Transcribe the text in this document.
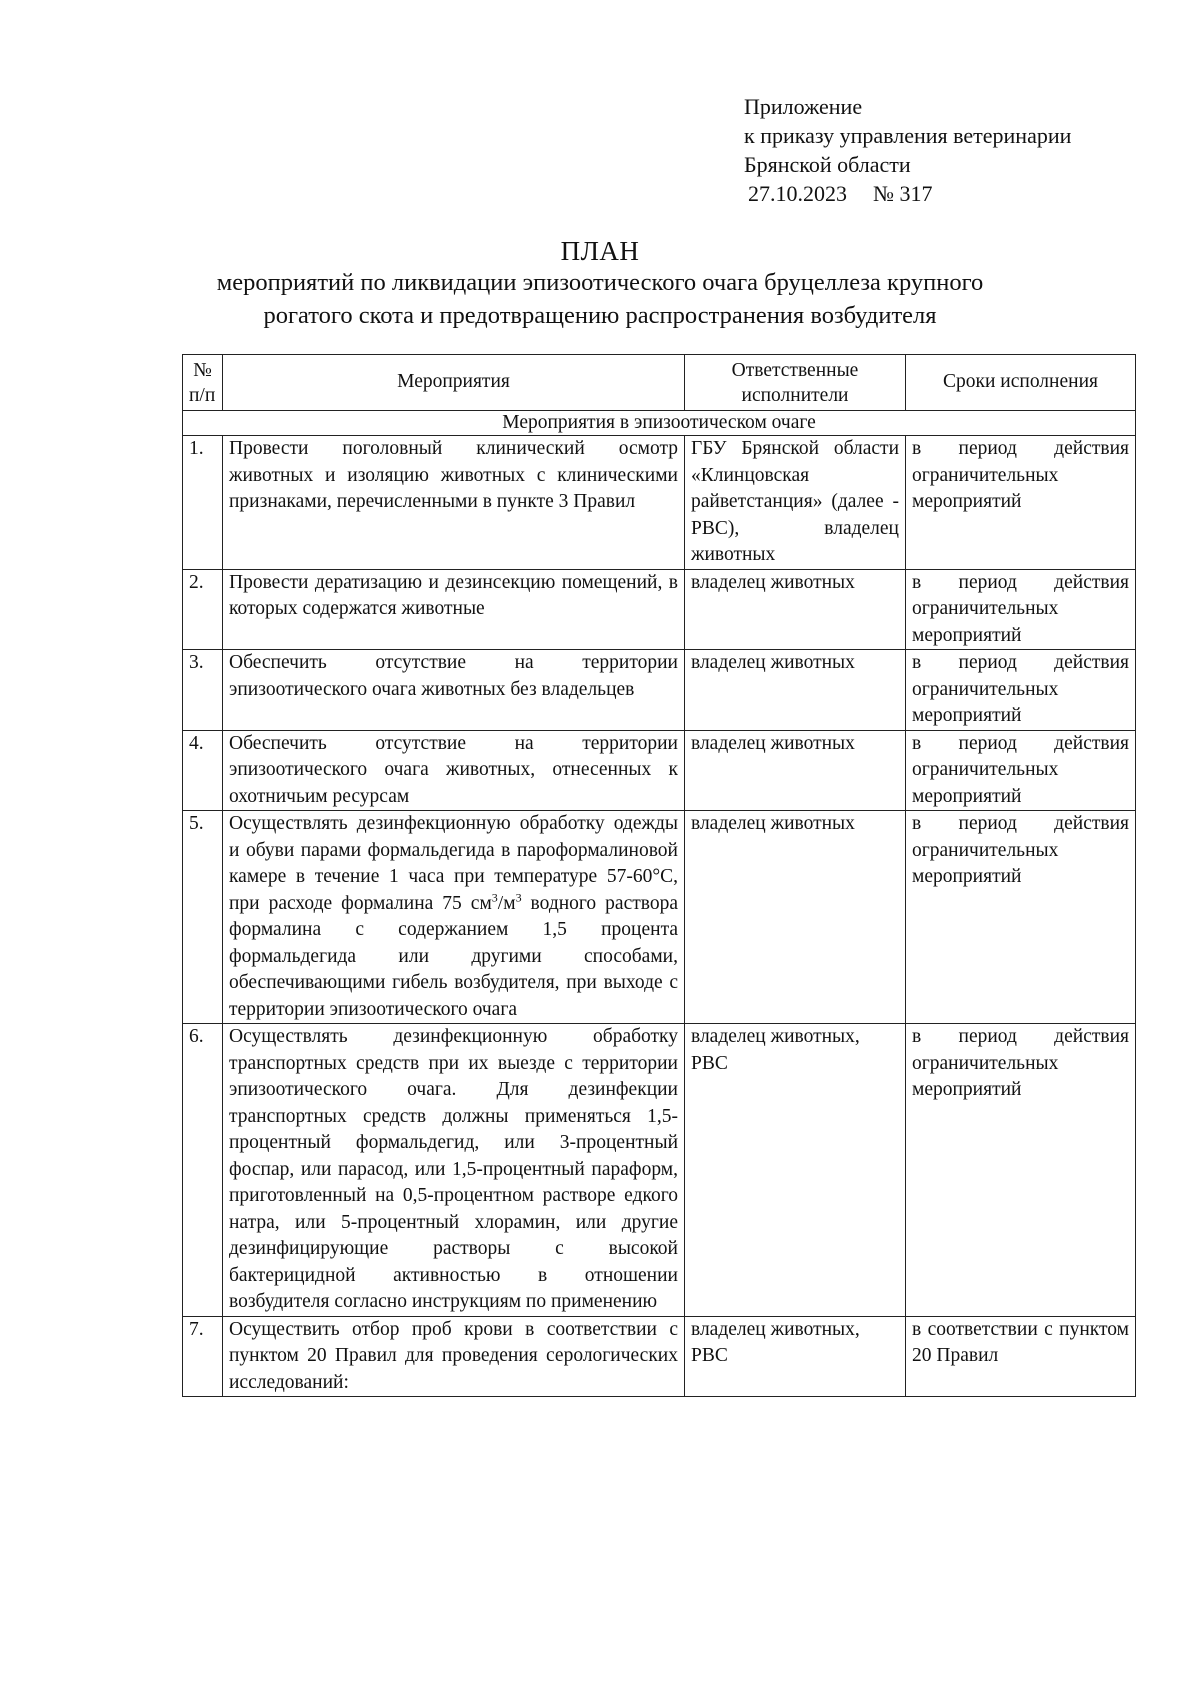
Приложение
к приказу управления ветеринарии
Брянской области
27.10.2023 № 317
ПЛАН
мероприятий по ликвидации эпизоотического очага бруцеллеза крупного
рогатого скота и предотвращению распространения возбудителя
№
п/п	Мероприятия	Ответственные исполнители	Сроки исполнения
Мероприятия в эпизоотическом очаге			
1.	Провести поголовный клинический осмотр животных и изоляцию животных с клиническими признаками, перечисленными в пункте 3 Правил	ГБУ Брянской области «Клинцовская райветстанция» (далее - РВС), владелец животных	в период действия ограничительных мероприятий
2.	Провести дератизацию и дезинсекцию помещений, в которых содержатся животные	владелец животных	в период действия ограничительных мероприятий
3.	Обеспечить отсутствие на территории эпизоотического очага животных без владельцев	владелец животных	в период действия ограничительных мероприятий
4.	Обеспечить отсутствие на территории эпизоотического очага животных, отнесенных к охотничьим ресурсам	владелец животных	в период действия ограничительных мероприятий
5.	Осуществлять дезинфекционную обработку одежды и обуви парами формальдегида в пароформалиновой камере в течение 1 часа при температуре 57-60°С, при расходе формалина 75 $см^3/м^3$ водного раствора формалина с содержанием 1,5 процента формальдегида или другими способами, обеспечивающими гибель возбудителя, при выходе с территории эпизоотического очага	владелец животных	в период действия ограничительных мероприятий
6.	Осуществлять дезинфекционную обработку транспортных средств при их выезде с территории эпизоотического очага. Для дезинфекции транспортных средств должны применяться 1,5-процентный формальдегид, или 3-процентный фоспар, или парасод, или 1,5-процентный параформ, приготовленный на 0,5-процентном растворе едкого натра, или 5-процентный хлорамин, или другие дезинфицирующие растворы с высокой бактерицидной активностью в отношении возбудителя согласно инструкциям по применению	владелец животных, РВС	в период действия ограничительных мероприятий
7.	Осуществить отбор проб крови в соответствии с пунктом 20 Правил для проведения серологических исследований:	владелец животных, РВС	в соответствии с пунктом 20 Правил
